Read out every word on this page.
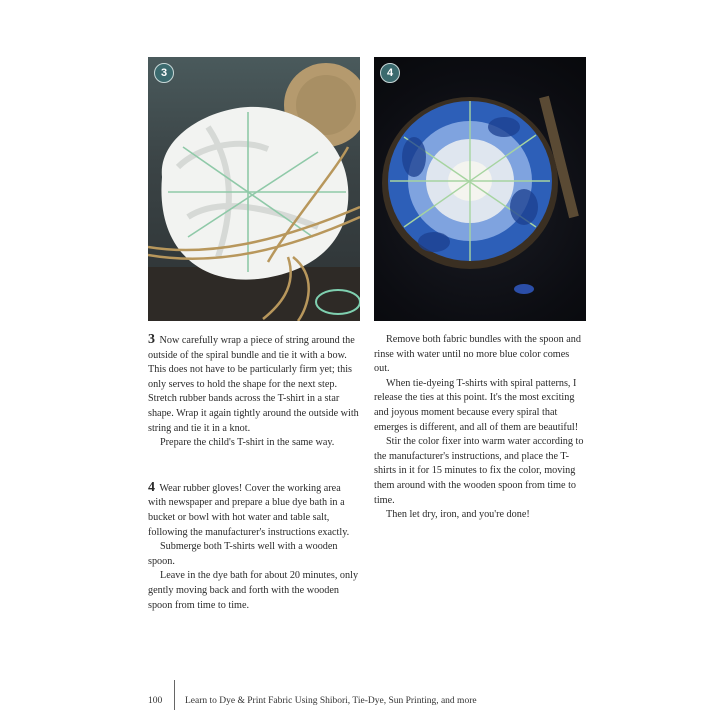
3	4

3 Now carefully wrap a piece of string around the outside of the spiral bundle and tie it with a bow. This does not have to be particularly firm yet; this only serves to hold the shape for the next step. Stretch rubber bands across the T-shirt in a star shape. Wrap it again tightly around the outside with string and tie it in a knot.

Prepare the child's T-shirt in the same way.

4 Wear rubber gloves! Cover the working area with newspaper and prepare a blue dye bath in a bucket or bowl with hot water and table salt, following the manufacturer's instructions exactly.

Submerge both T-shirts well with a wooden spoon.

Leave in the dye bath for about 20 minutes, only gently moving back and forth with the wooden spoon from time to time.

Remove both fabric bundles with the spoon and rinse with water until no more blue color comes out.

When tie-dyeing T-shirts with spiral patterns, I release the ties at this point. It's the most exciting and joyous moment because every spiral that emerges is different, and all of them are beautiful!

Stir the color fixer into warm water according to the manufacturer's instructions, and place the T-shirts in it for 15 minutes to fix the color, moving them around with the wooden spoon from time to time.

Then let dry, iron, and you're done!

100	Learn to Dye & Print Fabric Using Shibori, Tie-Dye, Sun Printing, and more
